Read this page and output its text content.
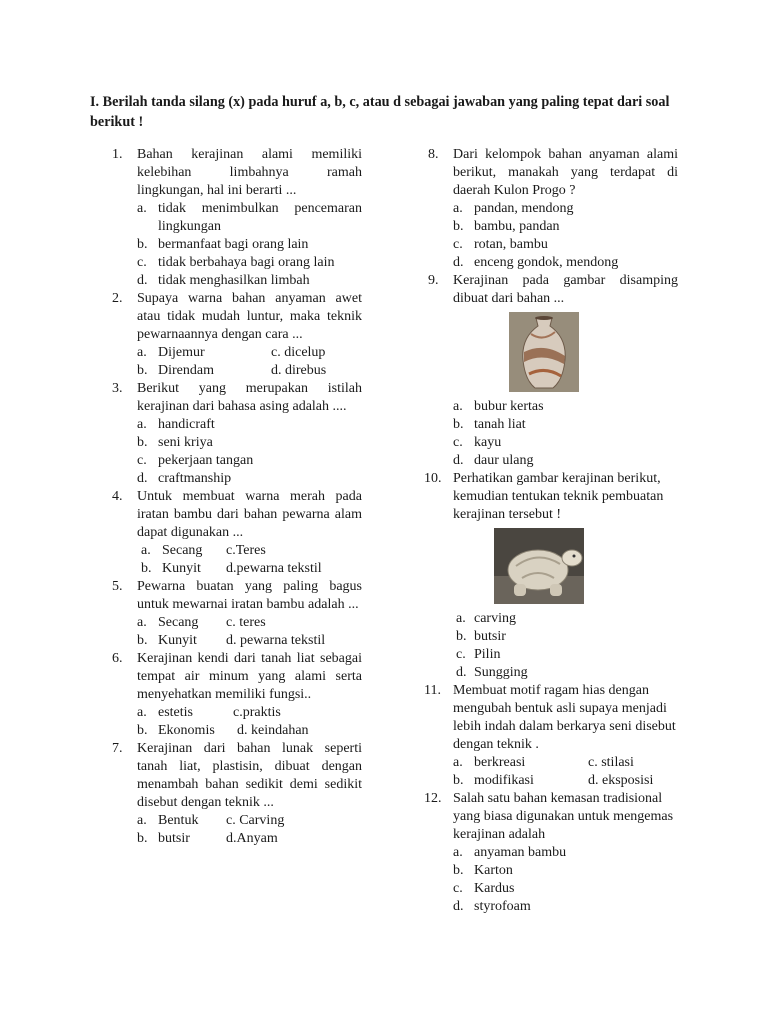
I. Berilah tanda silang (x) pada huruf a, b, c, atau d sebagai jawaban yang paling tepat dari soal berikut !
1. Bahan kerajinan alami memiliki kelebihan limbahnya ramah lingkungan, hal ini berarti ...
a. tidak menimbulkan pencemaran lingkungan
b. bermanfaat bagi orang lain
c. tidak berbahaya bagi orang lain
d. tidak menghasilkan limbah
2. Supaya warna bahan anyaman awet atau tidak mudah luntur, maka teknik pewarnaannya dengan cara ...
a. Dijemur	c. dicelup
b. Direndam	d. direbus
3. Berikut yang merupakan istilah kerajinan dari bahasa asing adalah ....
a. handicraft
b. seni kriya
c. pekerjaan tangan
d. craftmanship
4. Untuk membuat warna merah pada iratan bambu dari bahan pewarna alam dapat digunakan ...
a. Secang c.Teres
b. Kunyit d.pewarna tekstil
5. Pewarna buatan yang paling bagus untuk mewarnai iratan bambu adalah ...
a. Secang c. teres
b. Kunyit d. pewarna tekstil
6. Kerajinan kendi dari tanah liat sebagai tempat air minum yang alami serta menyehatkan memiliki fungsi..
a. estetis	c.praktis
b. Ekonomis d. keindahan
7. Kerajinan dari bahan lunak seperti tanah liat, plastisin, dibuat dengan menambah bahan sedikit demi sedikit disebut dengan teknik ...
a. Bentuk c. Carving
b. butsir	d.Anyam
8. Dari kelompok bahan anyaman alami berikut, manakah yang terdapat di daerah Kulon Progo ?
a. pandan, mendong
b. bambu, pandan
c. rotan, bambu
d. enceng gondok, mendong
9. Kerajinan pada gambar disamping dibuat dari bahan ...
a. bubur kertas
b. tanah liat
c. kayu
d. daur ulang
10. Perhatikan gambar kerajinan berikut, kemudian tentukan teknik pembuatan kerajinan tersebut !
a. carving
b. butsir
c. Pilin
d. Sungging
11. Membuat motif ragam hias dengan mengubah bentuk asli supaya menjadi lebih indah dalam berkarya seni disebut dengan teknik .
a. berkreasi	c. stilasi
b. modifikasi	d. eksposisi
12. Salah satu bahan kemasan tradisional yang biasa digunakan untuk mengemas kerajinan adalah
a. anyaman bambu
b. Karton
c. Kardus
d. styrofoam
